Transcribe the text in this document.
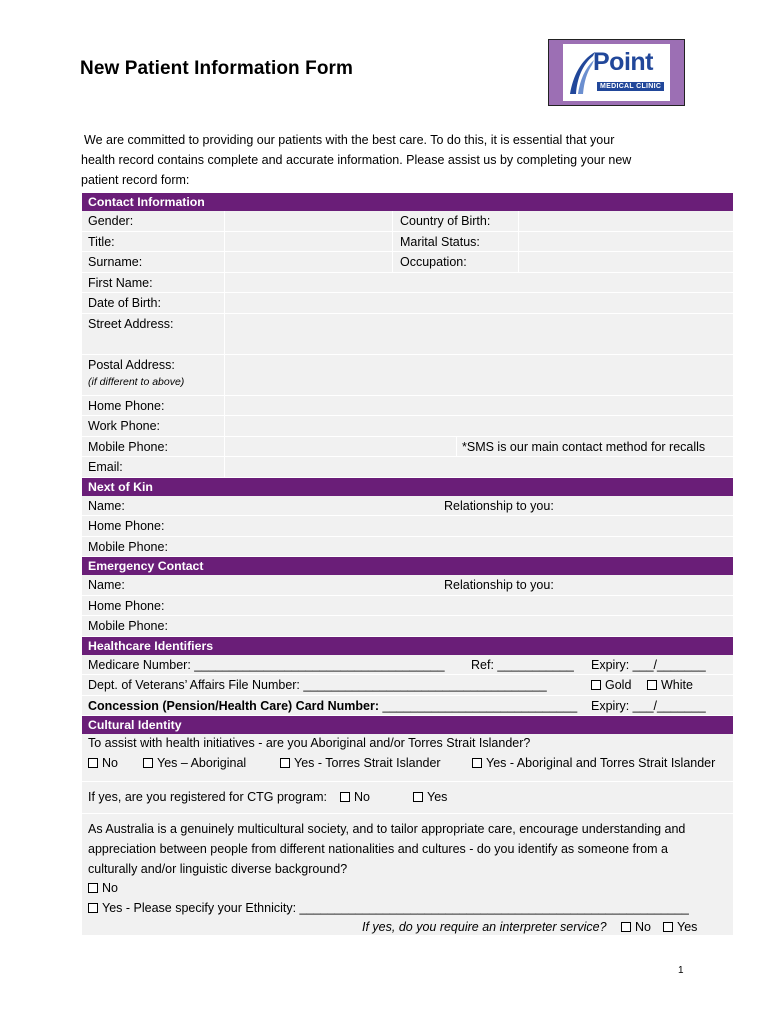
New Patient Information Form	Point
MEDICAL CLINIC
We are committed to providing our patients with the best care. To do this, it is essential that your
health record contains complete and accurate information. Please assist us by completing your new
patient record form:
Contact Information
Gender:	Country of Birth:
Title:	Marital Status:
Surname:	Occupation:
First Name:
Date of Birth:
Street Address:
Postal Address:
(if different to above)
Home Phone:
Work Phone:
Mobile Phone:	*SMS is our main contact method for recalls
Email:
Next of Kin
Name:	Relationship to you:
Home Phone:
Mobile Phone:
Emergency Contact
Name:	Relationship to you:
Home Phone:
Mobile Phone:
Healthcare Identifiers
Medicare Number: ____________________________________ Ref: ___________ Expiry: ___/_______
Dept. of Veterans’ Affairs File Number: ___________________________________	Gold	White
Concession (Pension/Health Care) Card Number: ____________________________ Expiry: ___/_______
Cultural Identity
To assist with health initiatives - are you Aboriginal and/or Torres Strait Islander?
No	Yes – Aboriginal	Yes - Torres Strait Islander	Yes - Aboriginal and Torres Strait Islander
If yes, are you registered for CTG program:	No	Yes
As Australia is a genuinely multicultural society, and to tailor appropriate care, encourage understanding and
appreciation between people from different nationalities and cultures - do you identify as someone from a
culturally and/or linguistic diverse background?
No
Yes - Please specify your Ethnicity: ________________________________________________________
If yes, do you require an interpreter service?	No	Yes
1
